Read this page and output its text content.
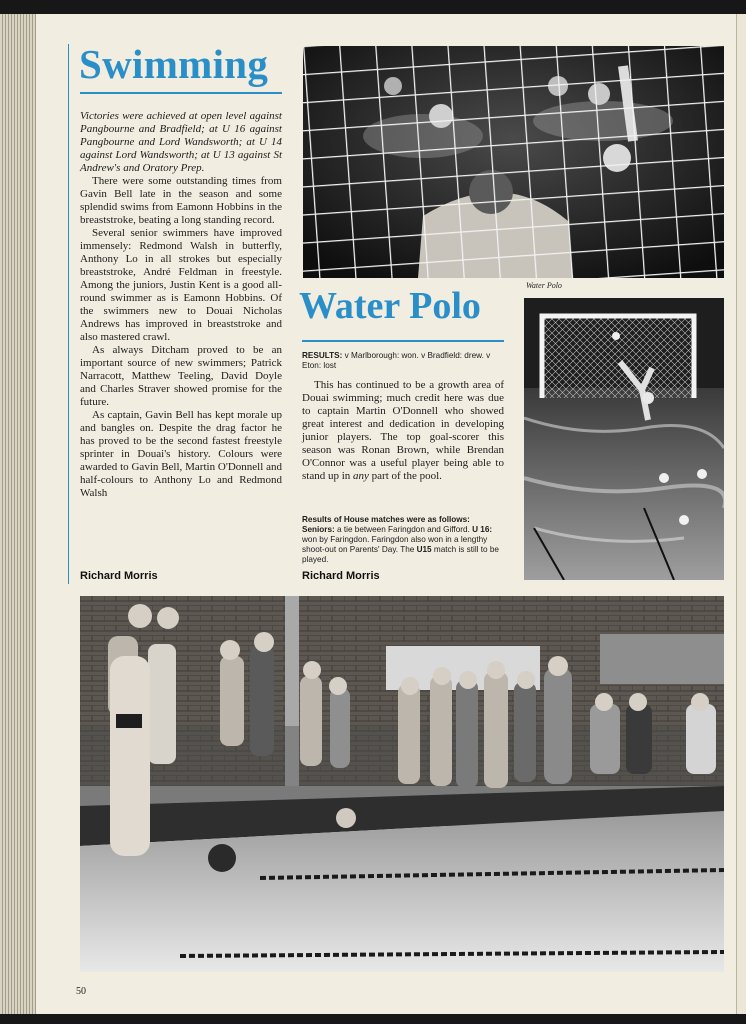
Swimming

Victories were achieved at open level against Pangbourne and Bradfield; at U 16 against Pangbourne and Lord Wandsworth; at U 14 against Lord Wandsworth; at U 13 against St Andrew's and Oratory Prep.

There were some outstanding times from Gavin Bell late in the season and some splendid swims from Eamonn Hobbins in the breaststroke, beating a long standing record.

Several senior swimmers have improved immensely: Redmond Walsh in butterfly, Anthony Lo in all strokes but especially breaststroke, André Feldman in freestyle. Among the juniors, Justin Kent is a good all-round swimmer as is Eamonn Hobbins. Of the swimmers new to Douai Nicholas Andrews has improved in breaststroke and also mastered crawl.

As always Ditcham proved to be an important source of new swimmers; Patrick Narracott, Matthew Teeling, David Doyle and Charles Straver showed promise for the future.

As captain, Gavin Bell has kept morale up and bangles on. Despite the drag factor he has proved to be the second fastest freestyle sprinter in Douai's history. Colours were awarded to Gavin Bell, Martin O'Donnell and half-colours to Anthony Lo and Redmond Walsh

Richard Morris
Water Polo
Water Polo
RESULTS: v Marlborough: won. v Bradfield: drew. v Eton: lost

This has continued to be a growth area of Douai swimming; much credit here was due to captain Martin O'Donnell who showed great interest and dedication in developing junior players. The top goal-scorer this season was Ronan Brown, while Brendan O'Connor was a useful player being able to stand up in any part of the pool.

Results of House matches were as follows:
Seniors: a tie between Faringdon and Gifford. U 16: won by Faringdon. Faringdon also won in a lengthy shoot-out on Parents' Day. The U15 match is still to be played.
Richard Morris
50
